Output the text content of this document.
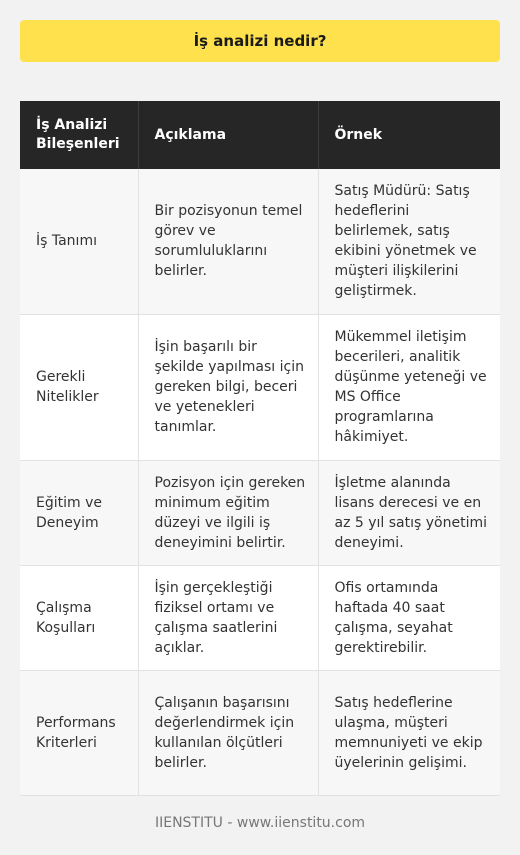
İş analizi nedir?
İş Analizi Bileşenleri	Açıklama	Örnek
İş Tanımı	Bir pozisyonun temel görev ve sorumluluklarını belirler.	Satış Müdürü: Satış hedeflerini belirlemek, satış ekibini yönetmek ve müşteri ilişkilerini geliştirmek.
Gerekli Nitelikler	İşin başarılı bir şekilde yapılması için gereken bilgi, beceri ve yetenekleri tanımlar.	Mükemmel iletişim becerileri, analitik düşünme yeteneği ve MS Office programlarına hâkimiyet.
Eğitim ve Deneyim	Pozisyon için gereken minimum eğitim düzeyi ve ilgili iş deneyimini belirtir.	İşletme alanında lisans derecesi ve en az 5 yıl satış yönetimi deneyimi.
Çalışma Koşulları	İşin gerçekleştiği fiziksel ortamı ve çalışma saatlerini açıklar.	Ofis ortamında haftada 40 saat çalışma, seyahat gerektirebilir.
Performans Kriterleri	Çalışanın başarısını değerlendirmek için kullanılan ölçütleri belirler.	Satış hedeflerine ulaşma, müşteri memnuniyeti ve ekip üyelerinin gelişimi.
IIENSTITU - www.iienstitu.com
